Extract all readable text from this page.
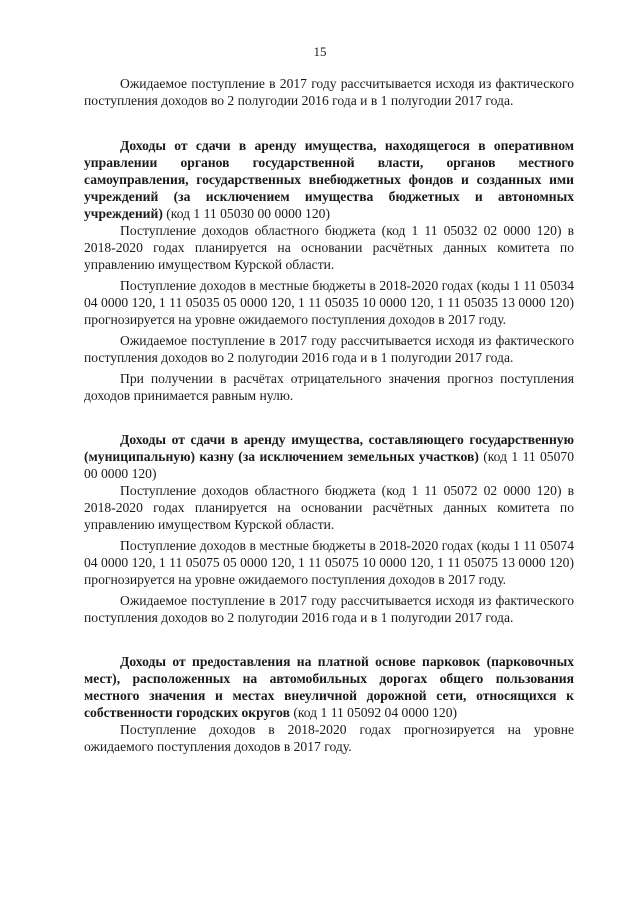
15

Ожидаемое поступление в 2017 году рассчитывается исходя из фактического поступления доходов во 2 полугодии 2016 года и в 1 полугодии 2017 года.

Доходы от сдачи в аренду имущества, находящегося в оперативном управлении органов государственной власти, органов местного самоуправления, государственных внебюджетных фондов и созданных ими учреждений (за исключением имущества бюджетных и автономных учреждений) (код 1 11 05030 00 0000 120)

Поступление доходов областного бюджета (код 1 11 05032 02 0000 120) в 2018-2020 годах планируется на основании расчётных данных комитета по управлению имуществом Курской области.

Поступление доходов в местные бюджеты в 2018-2020 годах (коды 1 11 05034 04 0000 120, 1 11 05035 05 0000 120, 1 11 05035 10 0000 120, 1 11 05035 13 0000 120) прогнозируется на уровне ожидаемого поступления доходов в 2017 году.

Ожидаемое поступление в 2017 году рассчитывается исходя из фактического поступления доходов во 2 полугодии 2016 года и в 1 полугодии 2017 года.

При получении в расчётах отрицательного значения прогноз поступления доходов принимается равным нулю.

Доходы от сдачи в аренду имущества, составляющего государственную (муниципальную) казну (за исключением земельных участков) (код 1 11 05070 00 0000 120)

Поступление доходов областного бюджета (код 1 11 05072 02 0000 120) в 2018-2020 годах планируется на основании расчётных данных комитета по управлению имуществом Курской области.

Поступление доходов в местные бюджеты в 2018-2020 годах (коды 1 11 05074 04 0000 120, 1 11 05075 05 0000 120, 1 11 05075 10 0000 120, 1 11 05075 13 0000 120) прогнозируется на уровне ожидаемого поступления доходов в 2017 году.

Ожидаемое поступление в 2017 году рассчитывается исходя из фактического поступления доходов во 2 полугодии 2016 года и в 1 полугодии 2017 года.

Доходы от предоставления на платной основе парковок (парковочных мест), расположенных на автомобильных дорогах общего пользования местного значения и местах внеуличной дорожной сети, относящихся к собственности городских округов (код 1 11 05092 04 0000 120)

Поступление доходов в 2018-2020 годах прогнозируется на уровне ожидаемого поступления доходов в 2017 году.
